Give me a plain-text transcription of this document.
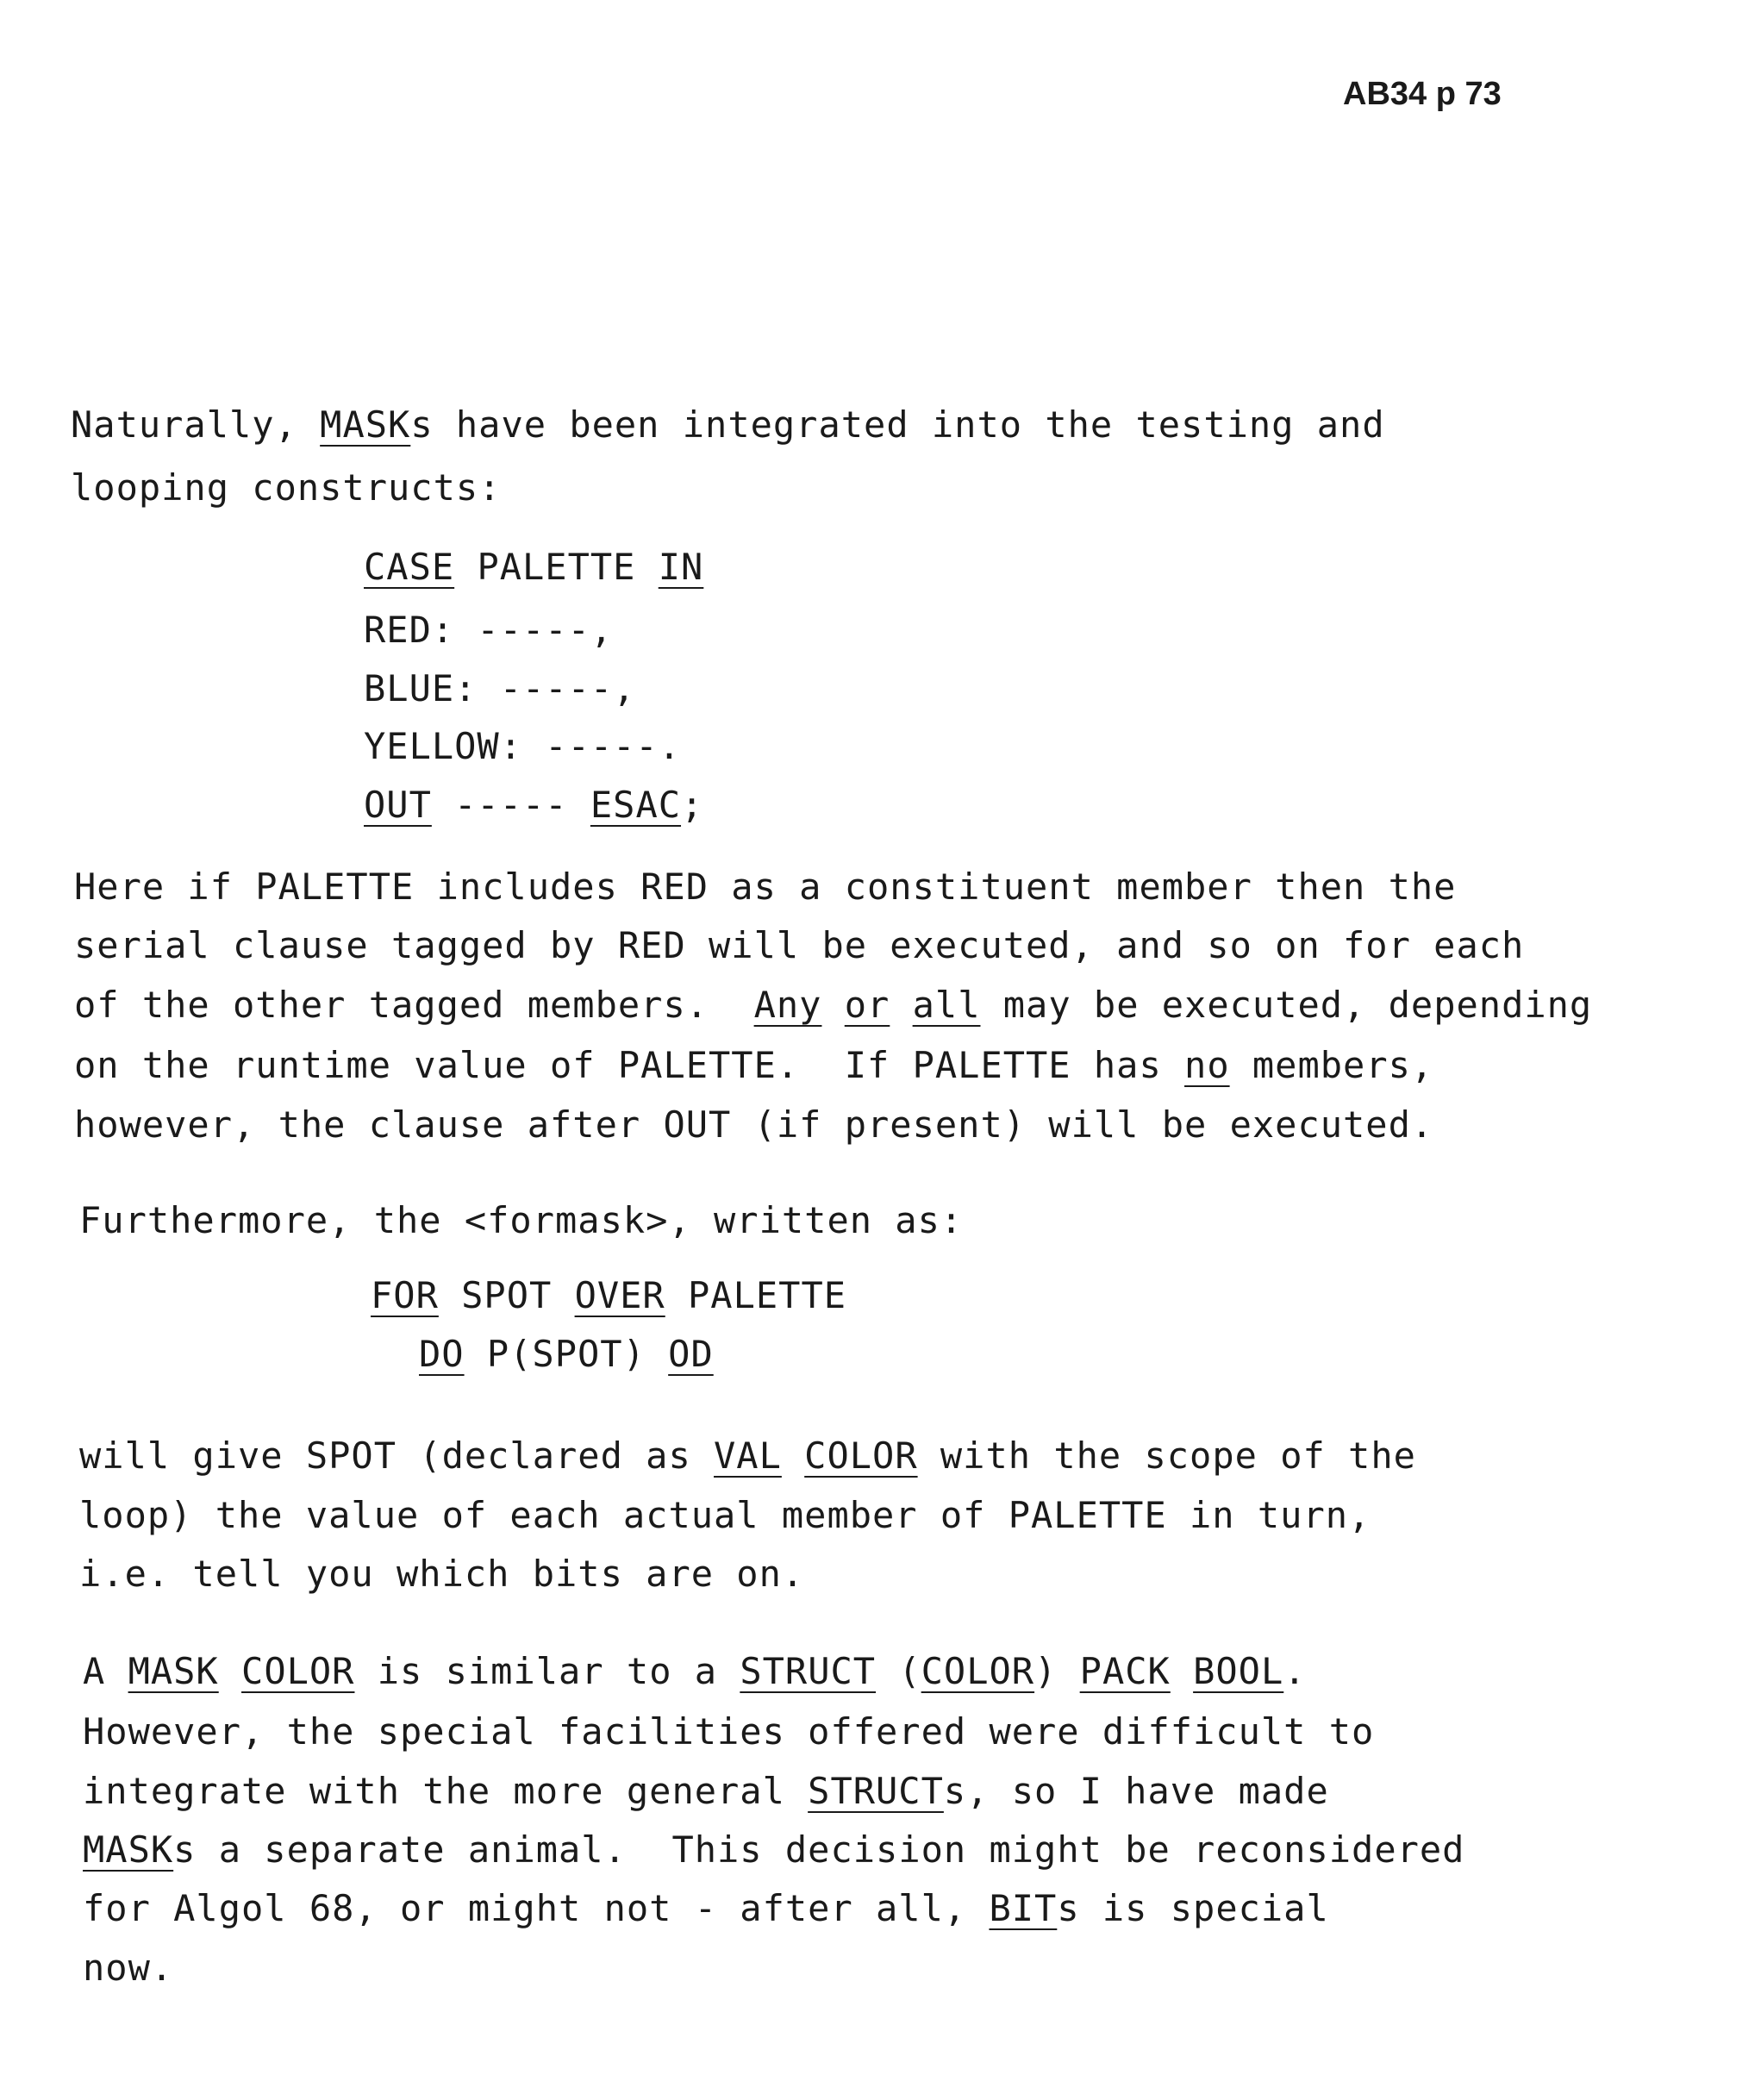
AB34 p 73
Naturally, MASKs have been integrated into the testing and
looping constructs:
CASE PALETTE IN
RED: -----,
BLUE: -----,
YELLOW: -----.
OUT ----- ESAC;
Here if PALETTE includes RED as a constituent member then the
serial clause tagged by RED will be executed, and so on for each
of the other tagged members.  Any or all may be executed, depending
on the runtime value of PALETTE.  If PALETTE has no members,
however, the clause after OUT (if present) will be executed.
Furthermore, the <formask>, written as:
FOR SPOT OVER PALETTE
DO P(SPOT) OD
will give SPOT (declared as VAL COLOR with the scope of the
loop) the value of each actual member of PALETTE in turn,
i.e. tell you which bits are on.
A MASK COLOR is similar to a STRUCT (COLOR) PACK BOOL.
However, the special facilities offered were difficult to
integrate with the more general STRUCTs, so I have made
MASKs a separate animal.  This decision might be reconsidered
for Algol 68, or might not - after all, BITs is special
now.
